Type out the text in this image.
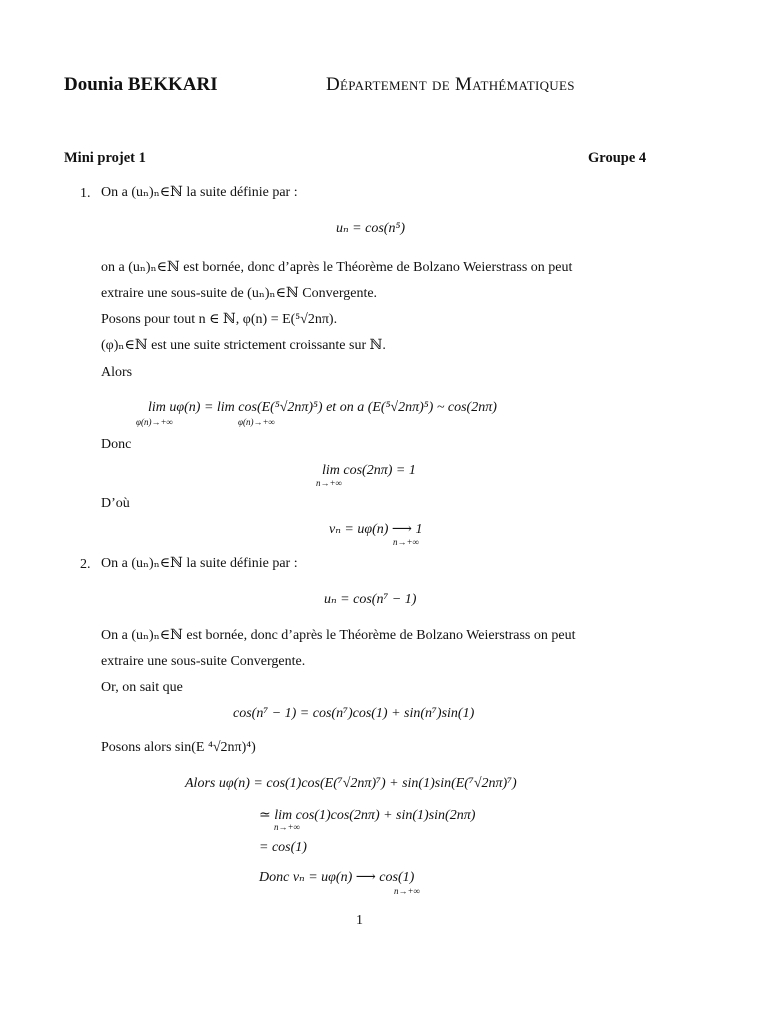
Dounia BEKKARI	Département de Mathématiques
Mini projet 1	Groupe 4
1. On a (uₙ)ₙ∈ℕ la suite définie par :
uₙ = cos(n⁵)
on a (uₙ)ₙ∈ℕ est bornée, donc d’après le Théorème de Bolzano Weierstrass on peut
extraire une sous-suite de (uₙ)ₙ∈ℕ Convergente.
Posons pour tout n ∈ ℕ, φ(n) = E(⁵√2nπ).
(φ)ₙ∈ℕ est une suite strictement croissante sur ℕ.
Alors
lim uφ(n) = lim cos(E(⁵√2nπ)⁵) et on a (E(⁵√2nπ)⁵) ~ cos(2nπ)
φ(n)→+∞	φ(n)→+∞
Donc
lim cos(2nπ) = 1
n→+∞
D’où
vₙ = uφ(n) ⟶ 1
n→+∞
2. On a (uₙ)ₙ∈ℕ la suite définie par :
uₙ = cos(n⁷ − 1)
On a (uₙ)ₙ∈ℕ est bornée, donc d’après le Théorème de Bolzano Weierstrass on peut
extraire une sous-suite Convergente.
Or, on sait que
cos(n⁷ − 1) = cos(n⁷)cos(1) + sin(n⁷)sin(1)
Posons alors sin(E ⁴√2nπ)⁴)
Alors uφ(n) = cos(1)cos(E(⁷√2nπ)⁷) + sin(1)sin(E(⁷√2nπ)⁷)
≃ lim cos(1)cos(2nπ) + sin(1)sin(2nπ)
n→+∞
= cos(1)
Donc vₙ = uφ(n) ⟶ cos(1)
n→+∞
1
